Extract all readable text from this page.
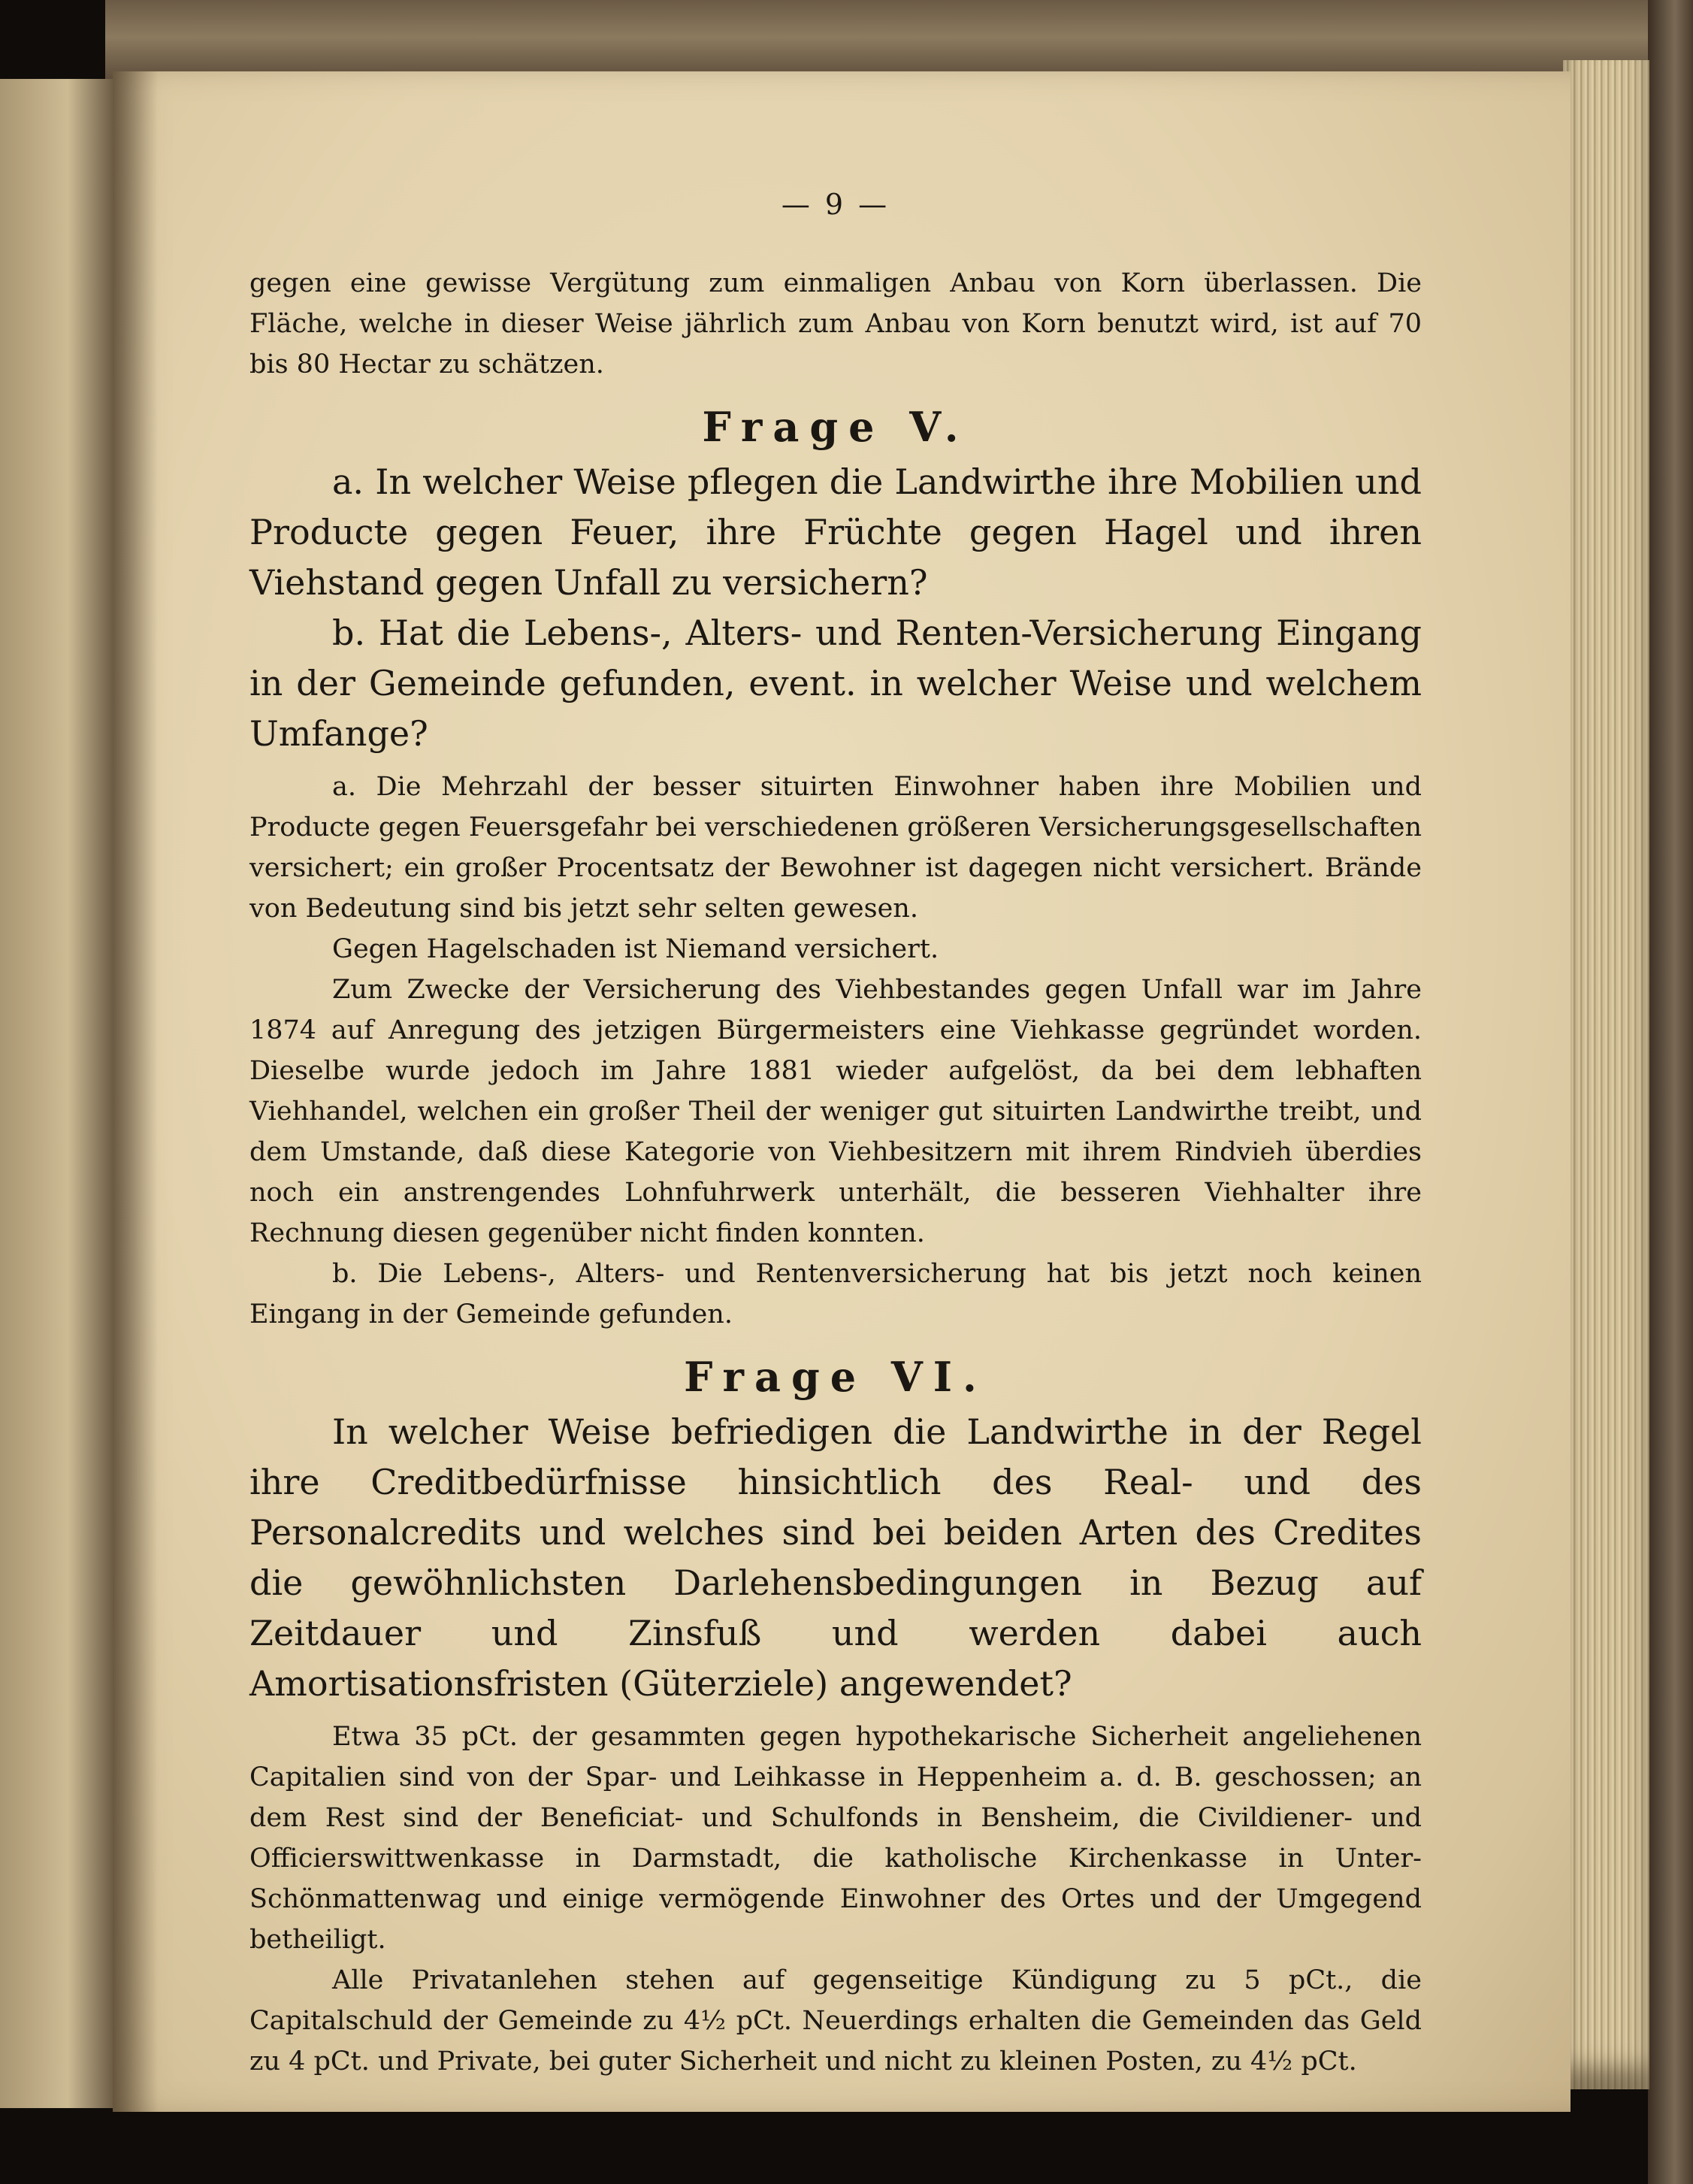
— 9 —

gegen eine gewisse Vergütung zum einmaligen Anbau von Korn überlassen. Die Fläche, welche in dieser Weise jährlich zum Anbau von Korn benutzt wird, ist auf 70 bis 80 Hectar zu schätzen.

Frage V.

a. In welcher Weise pflegen die Landwirthe ihre Mobilien und Producte gegen Feuer, ihre Früchte gegen Hagel und ihren Viehstand gegen Unfall zu versichern?

b. Hat die Lebens-, Alters- und Renten-Versicherung Eingang in der Gemeinde gefunden, event. in welcher Weise und welchem Umfange?

a. Die Mehrzahl der besser situirten Einwohner haben ihre Mobilien und Producte gegen Feuersgefahr bei verschiedenen größeren Versicherungsgesellschaften versichert; ein großer Procentsatz der Bewohner ist dagegen nicht versichert. Brände von Bedeutung sind bis jetzt sehr selten gewesen.

Gegen Hagelschaden ist Niemand versichert.

Zum Zwecke der Versicherung des Viehbestandes gegen Unfall war im Jahre 1874 auf Anregung des jetzigen Bürgermeisters eine Viehkasse gegründet worden. Dieselbe wurde jedoch im Jahre 1881 wieder aufgelöst, da bei dem lebhaften Viehhandel, welchen ein großer Theil der weniger gut situirten Landwirthe treibt, und dem Umstande, daß diese Kategorie von Viehbesitzern mit ihrem Rindvieh überdies noch ein anstrengendes Lohnfuhrwerk unterhält, die besseren Viehhalter ihre Rechnung diesen gegenüber nicht finden konnten.

b. Die Lebens-, Alters- und Rentenversicherung hat bis jetzt noch keinen Eingang in der Gemeinde gefunden.

Frage VI.

In welcher Weise befriedigen die Landwirthe in der Regel ihre Creditbedürfnisse hinsichtlich des Real- und des Personalcredits und welches sind bei beiden Arten des Credites die gewöhnlichsten Darlehensbedingungen in Bezug auf Zeitdauer und Zinsfuß und werden dabei auch Amortisationsfristen (Güterziele) angewendet?

Etwa 35 pCt. der gesammten gegen hypothekarische Sicherheit angeliehenen Capitalien sind von der Spar- und Leihkasse in Heppenheim a. d. B. geschossen; an dem Rest sind der Beneficiat- und Schulfonds in Bensheim, die Civildiener- und Officierswittwenkasse in Darmstadt, die katholische Kirchenkasse in Unter-Schönmattenwag und einige vermögende Einwohner des Ortes und der Umgegend betheiligt.

Alle Privatanlehen stehen auf gegenseitige Kündigung zu 5 pCt., die Capitalschuld der Gemeinde zu 4½ pCt. Neuerdings erhalten die Gemeinden das Geld zu 4 pCt. und Private, bei guter Sicherheit und nicht zu kleinen Posten, zu 4½ pCt.
